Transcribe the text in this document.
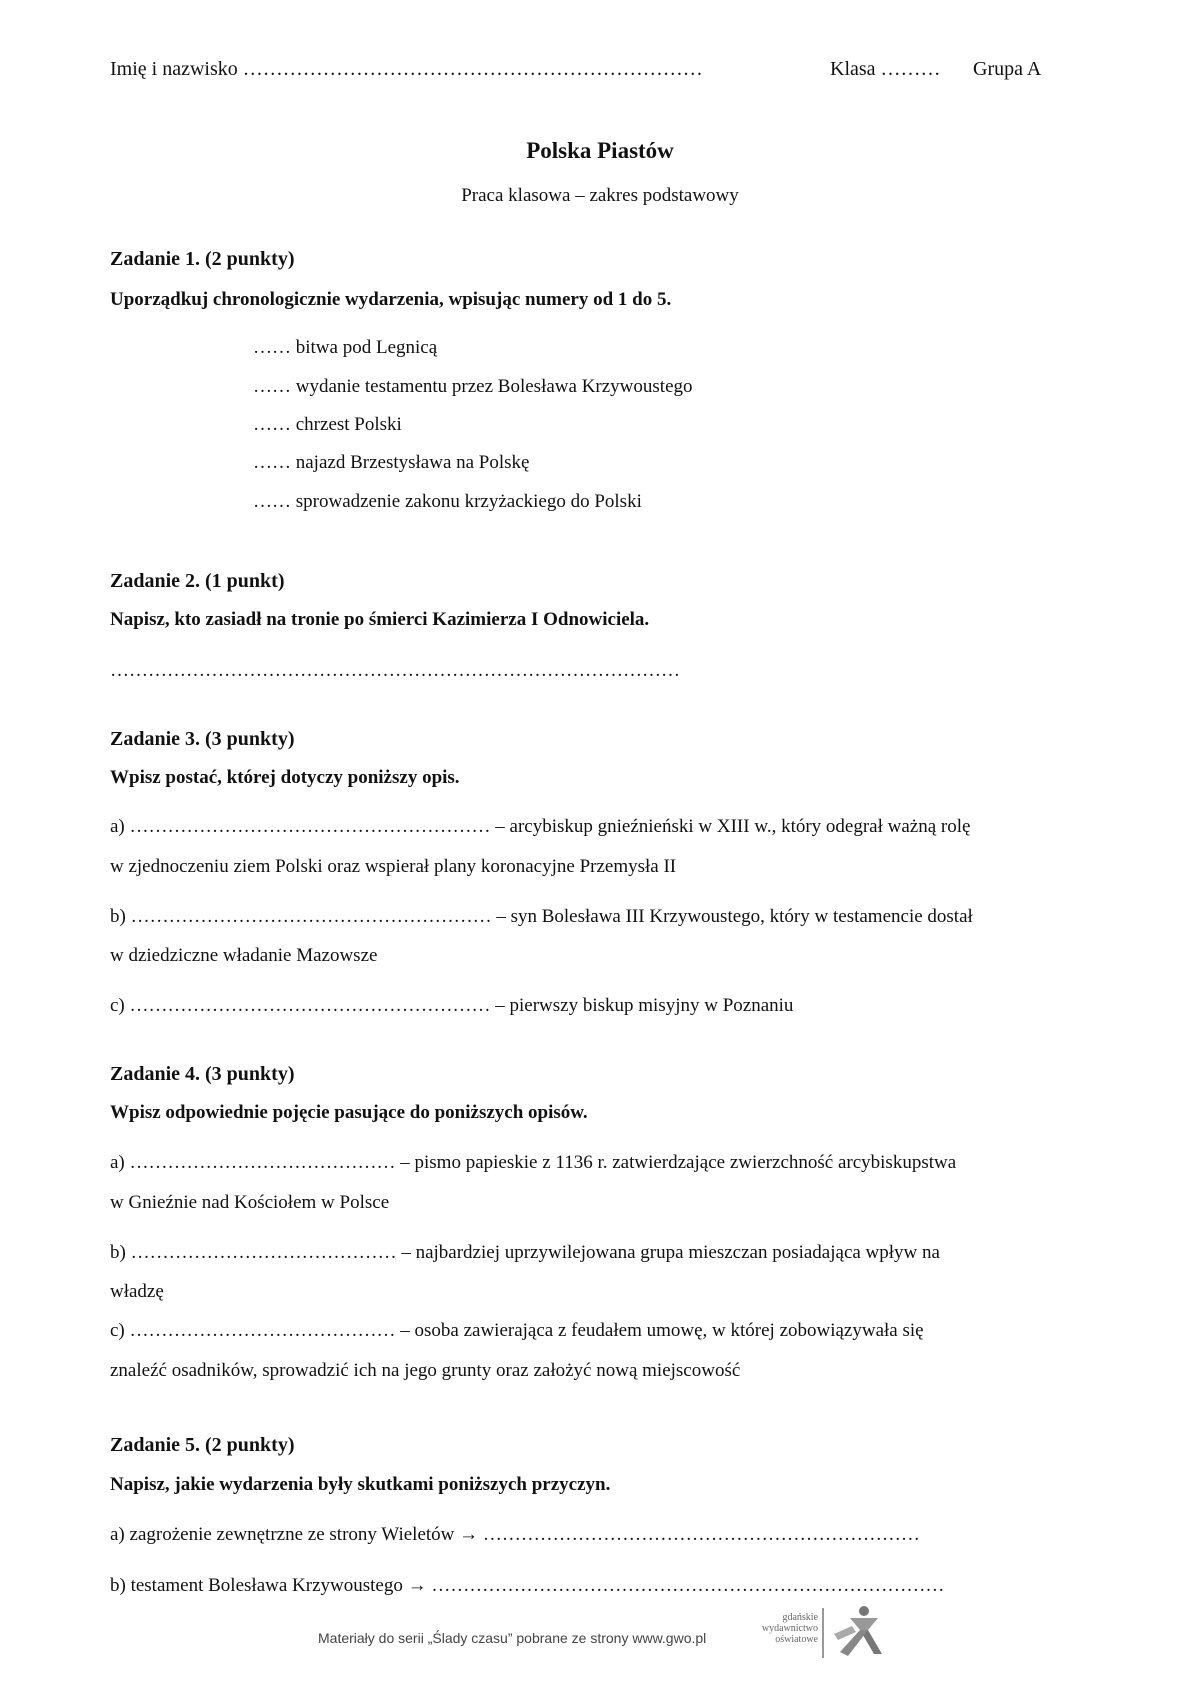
Imię i nazwisko ……………………………………………………………	Klasa ……… Grupa A
Polska Piastów
Praca klasowa – zakres podstawowy
Zadanie 1. (2 punkty)
Uporządkuj chronologicznie wydarzenia, wpisując numery od 1 do 5.
…… bitwa pod Legnicą
…… wydanie testamentu przez Bolesława Krzywoustego
…… chrzest Polski
…… najazd Brzestysława na Polskę
…… sprowadzenie zakonu krzyżackiego do Polski
Zadanie 2. (1 punkt)
Napisz, kto zasiadł na tronie po śmierci Kazimierza I Odnowiciela.
………………………………………………………………………………
Zadanie 3. (3 punkty)
Wpisz postać, której dotyczy poniższy opis.
a) ………………………………………………… – arcybiskup gnieźnieński w XIII w., który odegrał ważną rolę
w zjednoczeniu ziem Polski oraz wspierał plany koronacyjne Przemysła II
b) ………………………………………………… – syn Bolesława III Krzywoustego, który w testamencie dostał
w dziedziczne władanie Mazowsze
c) ………………………………………………… – pierwszy biskup misyjny w Poznaniu
Zadanie 4. (3 punkty)
Wpisz odpowiednie pojęcie pasujące do poniższych opisów.
a) …………………………………… – pismo papieskie z 1136 r. zatwierdzające zwierzchność arcybiskupstwa
w Gnieźnie nad Kościołem w Polsce
b) …………………………………… – najbardziej uprzywilejowana grupa mieszczan posiadająca wpływ na
władzę
c) …………………………………… – osoba zawierająca z feudałem umowę, w której zobowiązywała się
znaleźć osadników, sprowadzić ich na jego grunty oraz założyć nową miejscowość
Zadanie 5. (2 punkty)
Napisz, jakie wydarzenia były skutkami poniższych przyczyn.
a) zagrożenie zewnętrzne ze strony Wieletów → ……………………………………………………………
b) testament Bolesława Krzywoustego → ………………………………………………………………………
Materiały do serii „Ślady czasu” pobrane ze strony www.gwo.pl
gdańskie
wydawnictwo
oświatowe
